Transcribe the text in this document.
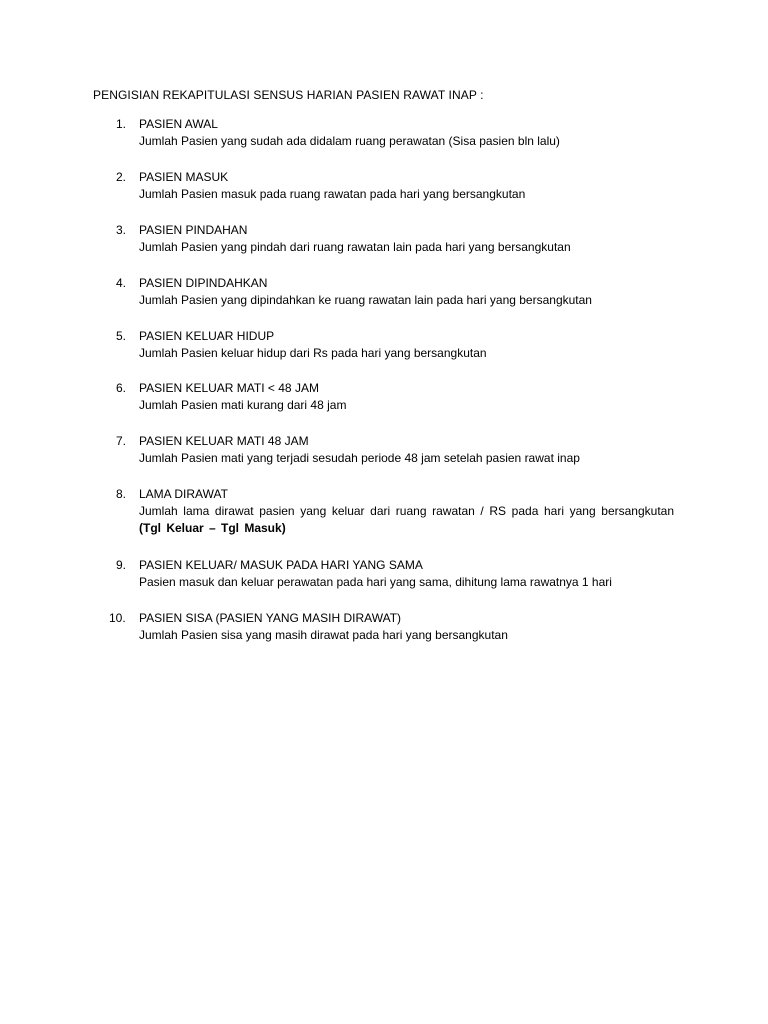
PENGISIAN REKAPITULASI SENSUS HARIAN PASIEN RAWAT INAP :
1.	PASIEN AWAL
Jumlah Pasien yang sudah ada didalam ruang perawatan (Sisa pasien bln lalu)
2.	PASIEN MASUK
Jumlah Pasien masuk pada ruang rawatan pada hari yang bersangkutan
3.	PASIEN PINDAHAN
Jumlah Pasien yang pindah dari ruang rawatan lain pada hari yang bersangkutan
4.	PASIEN DIPINDAHKAN
Jumlah Pasien yang dipindahkan ke ruang rawatan lain pada hari yang bersangkutan
5.	PASIEN KELUAR HIDUP
Jumlah Pasien keluar hidup dari Rs pada hari yang bersangkutan
6.	PASIEN KELUAR MATI < 48 JAM
Jumlah Pasien mati kurang dari 48 jam
7.	PASIEN KELUAR MATI 48 JAM
Jumlah Pasien mati yang terjadi sesudah periode 48 jam setelah pasien rawat inap
8.	LAMA DIRAWAT
Jumlah lama dirawat pasien yang keluar dari ruang rawatan / RS pada hari yang bersangkutan (Tgl Keluar – Tgl Masuk)
9.	PASIEN KELUAR/ MASUK PADA HARI YANG SAMA
Pasien masuk dan keluar perawatan pada hari yang sama, dihitung lama rawatnya 1 hari
10.	PASIEN SISA (PASIEN YANG MASIH DIRAWAT)
Jumlah Pasien sisa yang masih dirawat pada hari yang bersangkutan
